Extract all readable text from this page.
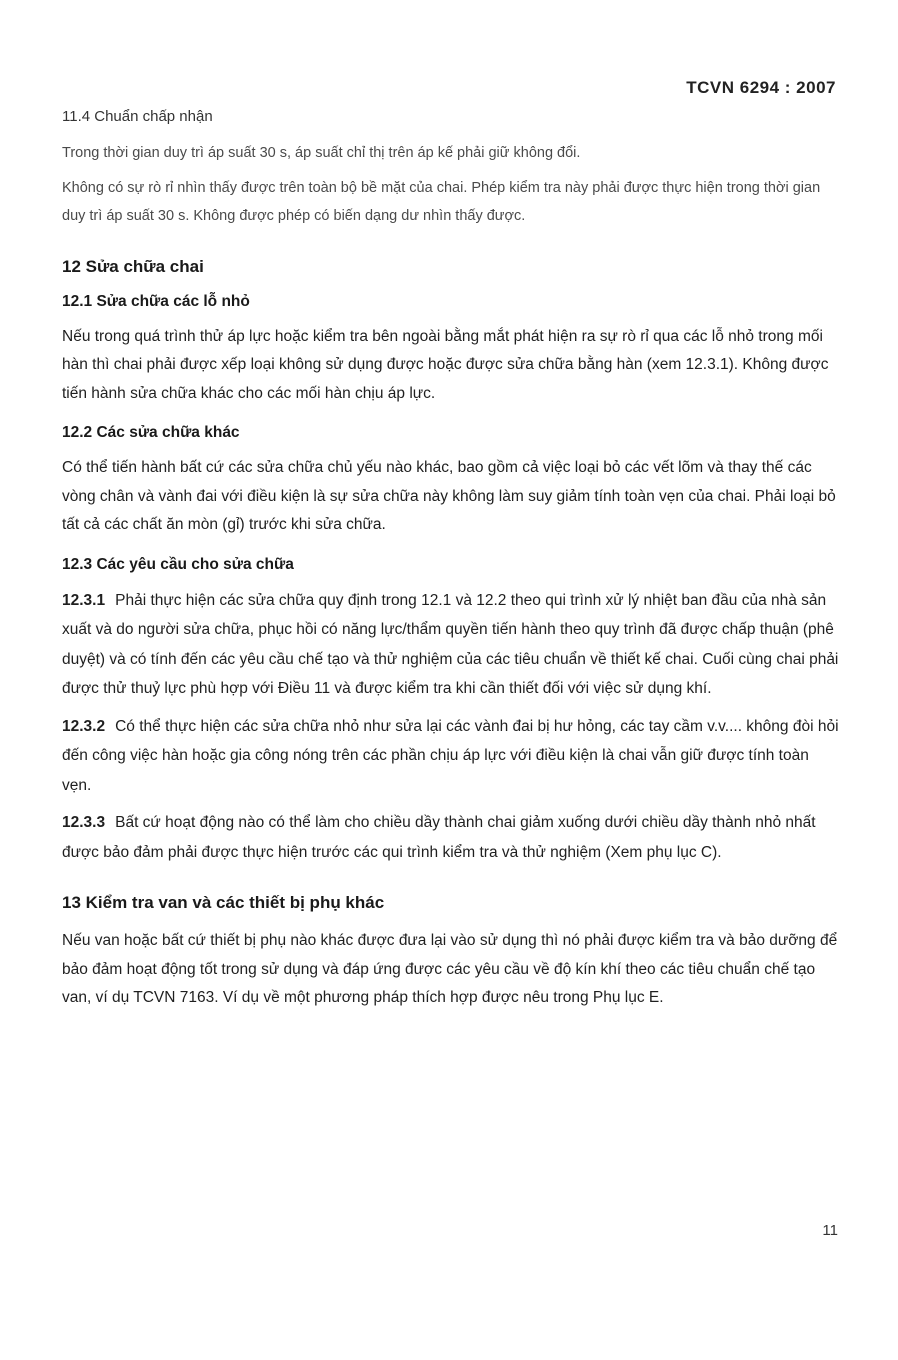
TCVN 6294 : 2007
11.4 Chuẩn chấp nhận

Trong thời gian duy trì áp suất 30 s, áp suất chỉ thị trên áp kế phải giữ không đổi.

Không có sự rò rỉ nhìn thấy được trên toàn bộ bề mặt của chai. Phép kiểm tra này phải được thực hiện trong thời gian duy trì áp suất 30 s. Không được phép có biến dạng dư nhìn thấy được.

12 Sửa chữa chai
12.1 Sửa chữa các lỗ nhỏ

Nếu trong quá trình thử áp lực hoặc kiểm tra bên ngoài bằng mắt phát hiện ra sự rò rỉ qua các lỗ nhỏ trong mối hàn thì chai phải được xếp loại không sử dụng được hoặc được sửa chữa bằng hàn (xem 12.3.1). Không được tiến hành sửa chữa khác cho các mối hàn chịu áp lực.

12.2 Các sửa chữa khác

Có thể tiến hành bất cứ các sửa chữa chủ yếu nào khác, bao gồm cả việc loại bỏ các vết lõm và thay thế các vòng chân và vành đai với điều kiện là sự sửa chữa này không làm suy giảm tính toàn vẹn của chai. Phải loại bỏ tất cả các chất ăn mòn (gỉ) trước khi sửa chữa.

12.3 Các yêu cầu cho sửa chữa

12.3.1 Phải thực hiện các sửa chữa quy định trong 12.1 và 12.2 theo qui trình xử lý nhiệt ban đầu của nhà sản xuất và do người sửa chữa, phục hồi có năng lực/thẩm quyền tiến hành theo quy trình đã được chấp thuận (phê duyệt) và có tính đến các yêu cầu chế tạo và thử nghiệm của các tiêu chuẩn về thiết kế chai. Cuối cùng chai phải được thử thuỷ lực phù hợp với Điều 11 và được kiểm tra khi cần thiết đối với việc sử dụng khí.

12.3.2 Có thể thực hiện các sửa chữa nhỏ như sửa lại các vành đai bị hư hỏng, các tay cầm v.v.... không đòi hỏi đến công việc hàn hoặc gia công nóng trên các phần chịu áp lực với điều kiện là chai vẫn giữ được tính toàn vẹn.

12.3.3 Bất cứ hoạt động nào có thể làm cho chiều dầy thành chai giảm xuống dưới chiều dầy thành nhỏ nhất được bảo đảm phải được thực hiện trước các qui trình kiểm tra và thử nghiệm (Xem phụ lục C).

13 Kiểm tra van và các thiết bị phụ khác

Nếu van hoặc bất cứ thiết bị phụ nào khác được đưa lại vào sử dụng thì nó phải được kiểm tra và bảo dưỡng để bảo đảm hoạt động tốt trong sử dụng và đáp ứng được các yêu cầu về độ kín khí theo các tiêu chuẩn chế tạo van, ví dụ TCVN 7163. Ví dụ về một phương pháp thích hợp được nêu trong Phụ lục E.

11
